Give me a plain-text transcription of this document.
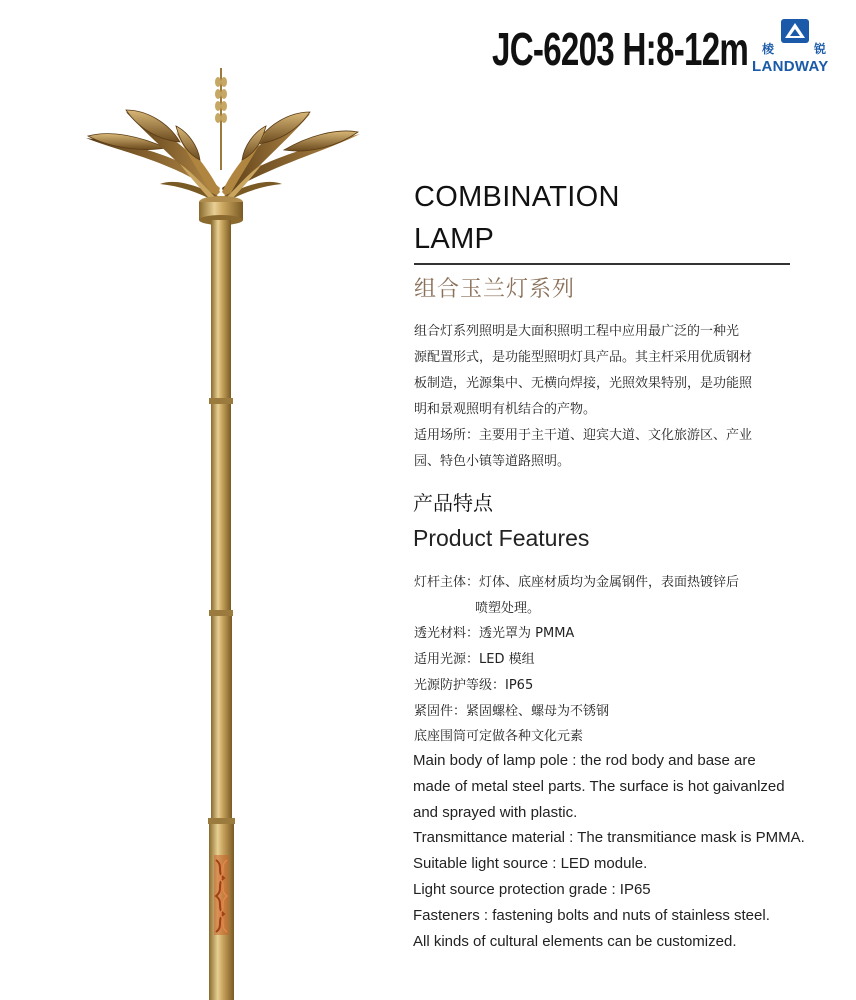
JC-6203 H:8-12m 棱	锐
LANDWAY
COMBINATION
LAMP
组合玉兰灯系列
组合灯系列照明是大面积照明工程中应用最广泛的一种光
源配置形式，是功能型照明灯具产品。其主杆采用优质钢材
板制造，光源集中、无横向焊接，光照效果特别，是功能照
明和景观照明有机结合的产物。
适用场所：主要用于主干道、迎宾大道、文化旅游区、产业
园、特色小镇等道路照明。
产品特点
Product Features
灯杆主体：灯体、底座材质均为金属钢件，表面热镀锌后
喷塑处理。
透光材料：透光罩为 PMMA
适用光源：LED 模组
光源防护等级：IP65
紧固件：紧固螺栓、螺母为不锈钢
底座围筒可定做各种文化元素
Main body of lamp pole : the rod body and base are
made of metal steel parts. The surface is hot gaivanlzed
and sprayed with plastic.
Transmittance material : The transmitiance mask is PMMA.
Suitable light source : LED module.
Light source protection grade : IP65
Fasteners : fastening bolts and nuts of stainless steel.
All kinds of cultural elements can be customized.
